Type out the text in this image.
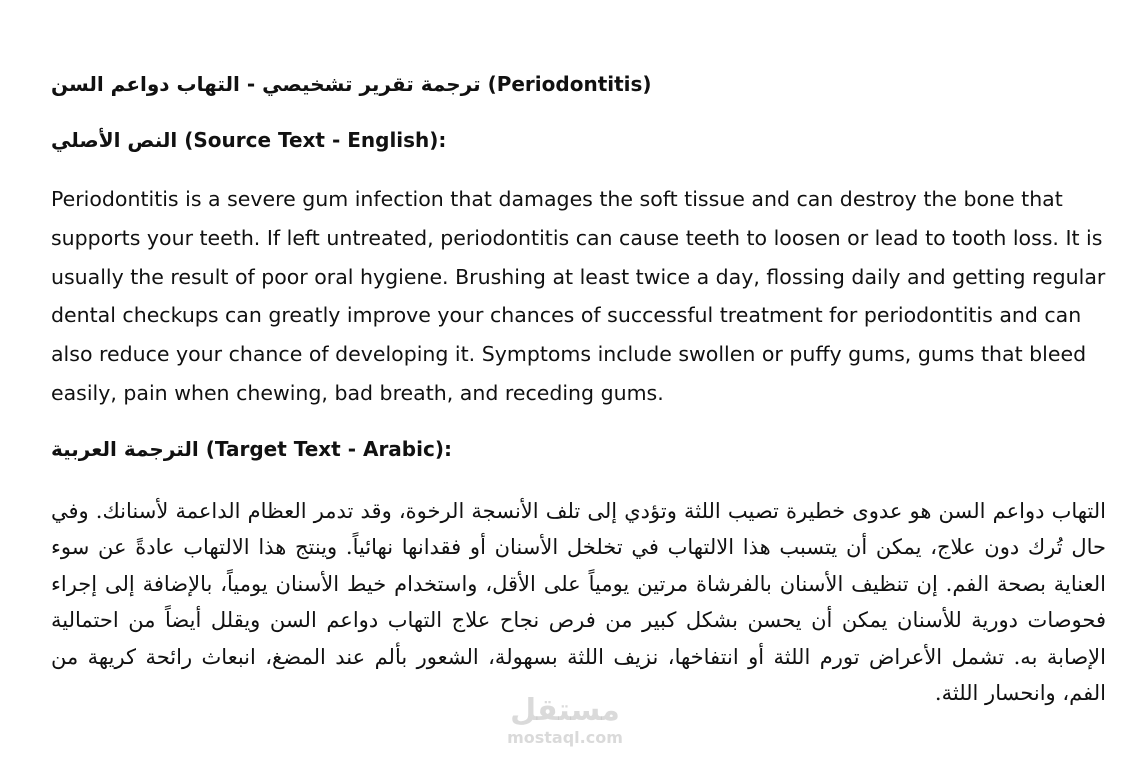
ترجمة تقرير تشخيصي - التهاب دواعم السن (Periodontitis)

النص الأصلي (Source Text - English):

Periodontitis is a severe gum infection that damages the soft tissue and can destroy the bone that supports your teeth. If left untreated, periodontitis can cause teeth to loosen or lead to tooth loss. It is usually the result of poor oral hygiene. Brushing at least twice a day, flossing daily and getting regular dental checkups can greatly improve your chances of successful treatment for periodontitis and can also reduce your chance of developing it. Symptoms include swollen or puffy gums, gums that bleed easily, pain when chewing, bad breath, and receding gums.

الترجمة العربية (Target Text - Arabic):

التهاب دواعم السن هو عدوى خطيرة تصيب اللثة وتؤدي إلى تلف الأنسجة الرخوة، وقد تدمر العظام الداعمة لأسنانك. وفي حال تُرك دون علاج، يمكن أن يتسبب هذا الالتهاب في تخلخل الأسنان أو فقدانها نهائياً. وينتج هذا الالتهاب عادةً عن سوء العناية بصحة الفم. إن تنظيف الأسنان بالفرشاة مرتين يومياً على الأقل، واستخدام خيط الأسنان يومياً، بالإضافة إلى إجراء فحوصات دورية للأسنان يمكن أن يحسن بشكل كبير من فرص نجاح علاج التهاب دواعم السن ويقلل أيضاً من احتمالية الإصابة به. تشمل الأعراض تورم اللثة أو انتفاخها، نزيف اللثة بسهولة، الشعور بألم عند المضغ، انبعاث رائحة كريهة من الفم، وانحسار اللثة.
مستقل
mostaql.com
